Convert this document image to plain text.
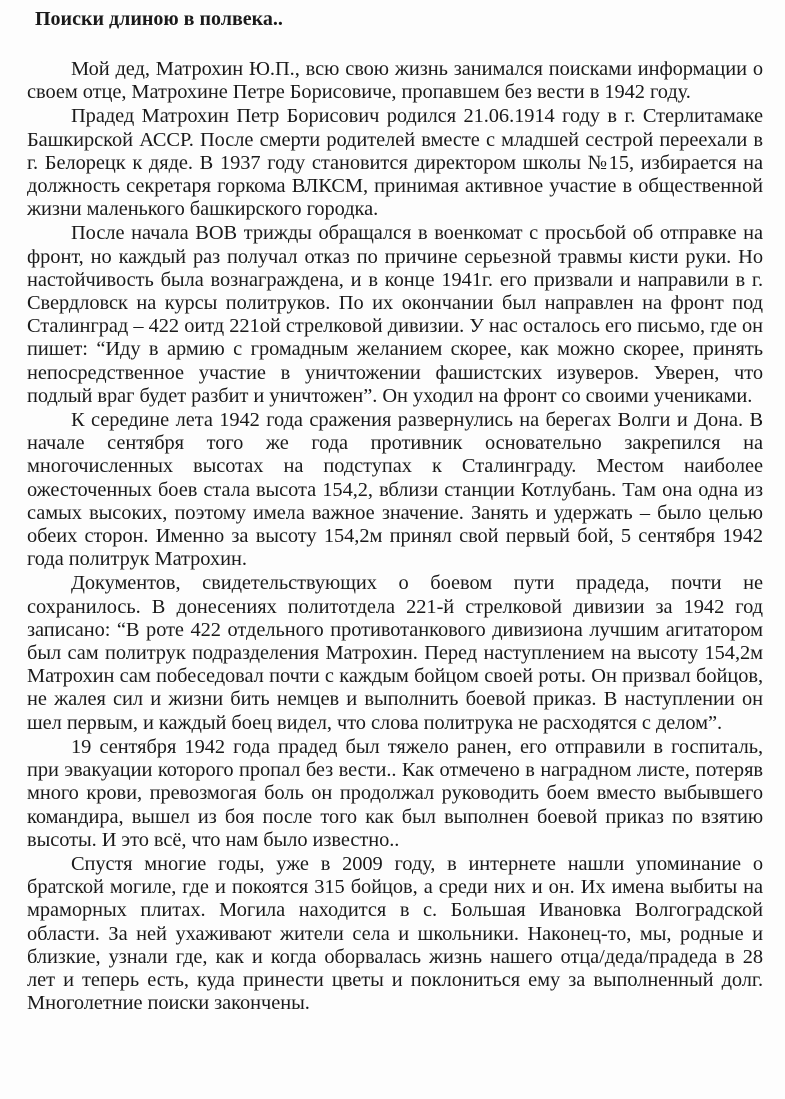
Поиски длиною в полвека..

Мой дед, Матрохин Ю.П., всю свою жизнь занимался поисками информации о своем отце, Матрохине Петре Борисовиче, пропавшем без вести в 1942 году.

Прадед Матрохин Петр Борисович родился 21.06.1914 году в г. Стерлитамаке Башкирской АССР. После смерти родителей вместе с младшей сестрой переехали в г. Белорецк к дяде. В 1937 году становится директором школы №15, избирается на должность секретаря горкома ВЛКСМ, принимая активное участие в общественной жизни маленького башкирского городка.

После начала ВОВ трижды обращался в военкомат с просьбой об отправке на фронт, но каждый раз получал отказ по причине серьезной травмы кисти руки. Но настойчивость была вознаграждена, и в конце 1941г. его призвали и направили в г. Свердловск на курсы политруков. По их окончании был направлен на фронт под Сталинград – 422 оитд 221ой стрелковой дивизии. У нас осталось его письмо, где он пишет: “Иду в армию с громадным желанием скорее, как можно скорее, принять непосредственное участие в уничтожении фашистских изуверов. Уверен, что подлый враг будет разбит и уничтожен”. Он уходил на фронт со своими учениками.

К середине лета 1942 года сражения развернулись на берегах Волги и Дона. В начале сентября того же года противник основательно закрепился на многочисленных высотах на подступах к Сталинграду. Местом наиболее ожесточенных боев стала высота 154,2, вблизи станции Котлубань. Там она одна из самых высоких, поэтому имела важное значение. Занять и удержать – было целью обеих сторон. Именно за высоту 154,2м принял свой первый бой, 5 сентября 1942 года политрук Матрохин.

Документов, свидетельствующих о боевом пути прадеда, почти не сохранилось. В донесениях политотдела 221-й стрелковой дивизии за 1942 год записано: “В роте 422 отдельного противотанкового дивизиона лучшим агитатором был сам политрук подразделения Матрохин. Перед наступлением на высоту 154,2м Матрохин сам побеседовал почти с каждым бойцом своей роты. Он призвал бойцов, не жалея сил и жизни бить немцев и выполнить боевой приказ. В наступлении он шел первым, и каждый боец видел, что слова политрука не расходятся с делом”.

19 сентября 1942 года прадед был тяжело ранен, его отправили в госпиталь, при эвакуации которого пропал без вести.. Как отмечено в наградном листе, потеряв много крови, превозмогая боль он продолжал руководить боем вместо выбывшего командира, вышел из боя после того как был выполнен боевой приказ по взятию высоты. И это всё, что нам было известно..

Спустя многие годы, уже в 2009 году, в интернете нашли упоминание о братской могиле, где и покоятся 315 бойцов, а среди них и он. Их имена выбиты на мраморных плитах. Могила находится в с. Большая Ивановка Волгоградской области. За ней ухаживают жители села и школьники. Наконец-то, мы, родные и близкие, узнали где, как и когда оборвалась жизнь нашего отца/деда/прадеда в 28 лет и теперь есть, куда принести цветы и поклониться ему за выполненный долг. Многолетние поиски закончены.
